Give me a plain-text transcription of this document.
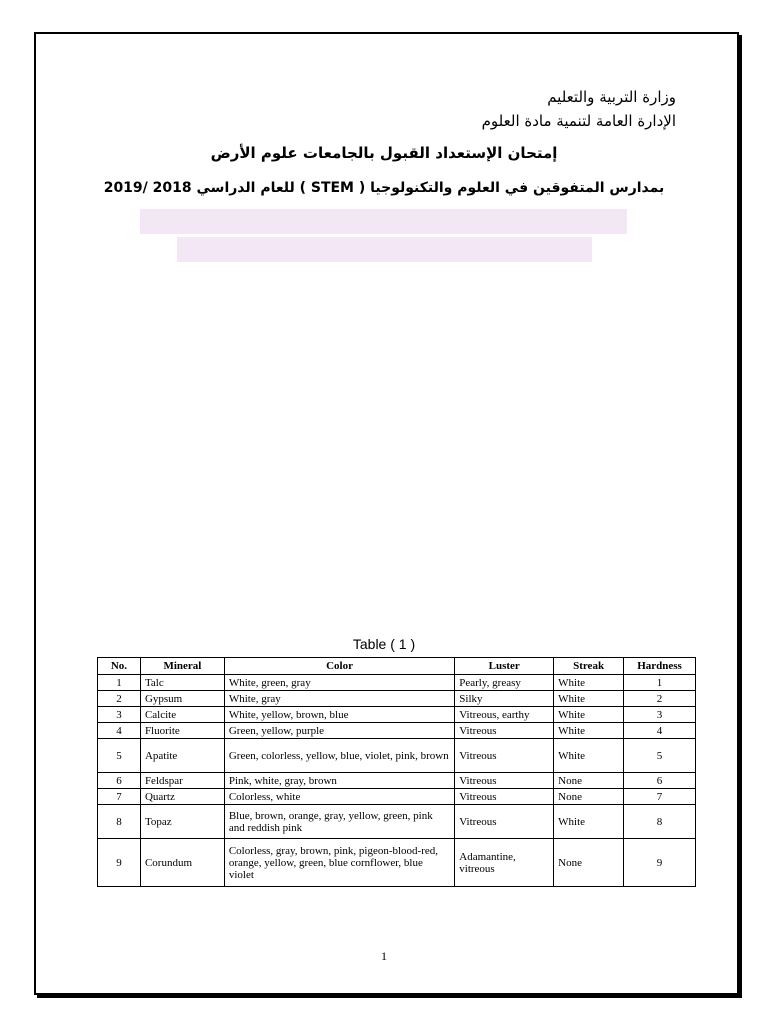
وزارة التربية والتعليم
الإدارة العامة لتنمية مادة العلوم
إمتحان الإستعداد القبول بالجامعات علوم الأرض
بمدارس المتفوقين في العلوم والتكنولوجيا ( STEM ) للعام الدراسي 2018 /2019
Table ( 1 )
No.	Mineral	Color	Luster	Streak	Hardness
1	Talc	White, green, gray	Pearly, greasy	White	1
2	Gypsum	White, gray	Silky	White	2
3	Calcite	White, yellow, brown, blue	Vitreous, earthy	White	3
4	Fluorite	Green, yellow, purple	Vitreous	White	4
5	Apatite	Green, colorless, yellow, blue, violet, pink, brown	Vitreous	White	5
6	Feldspar	Pink, white, gray, brown	Vitreous	None	6
7	Quartz	Colorless, white	Vitreous	None	7
8	Topaz	Blue, brown, orange, gray, yellow, green, pink and reddish pink	Vitreous	White	8
9	Corundum	Colorless, gray, brown, pink, pigeon-blood-red, orange, yellow, green, blue cornflower, blue violet	Adamantine, vitreous	None	9
1
